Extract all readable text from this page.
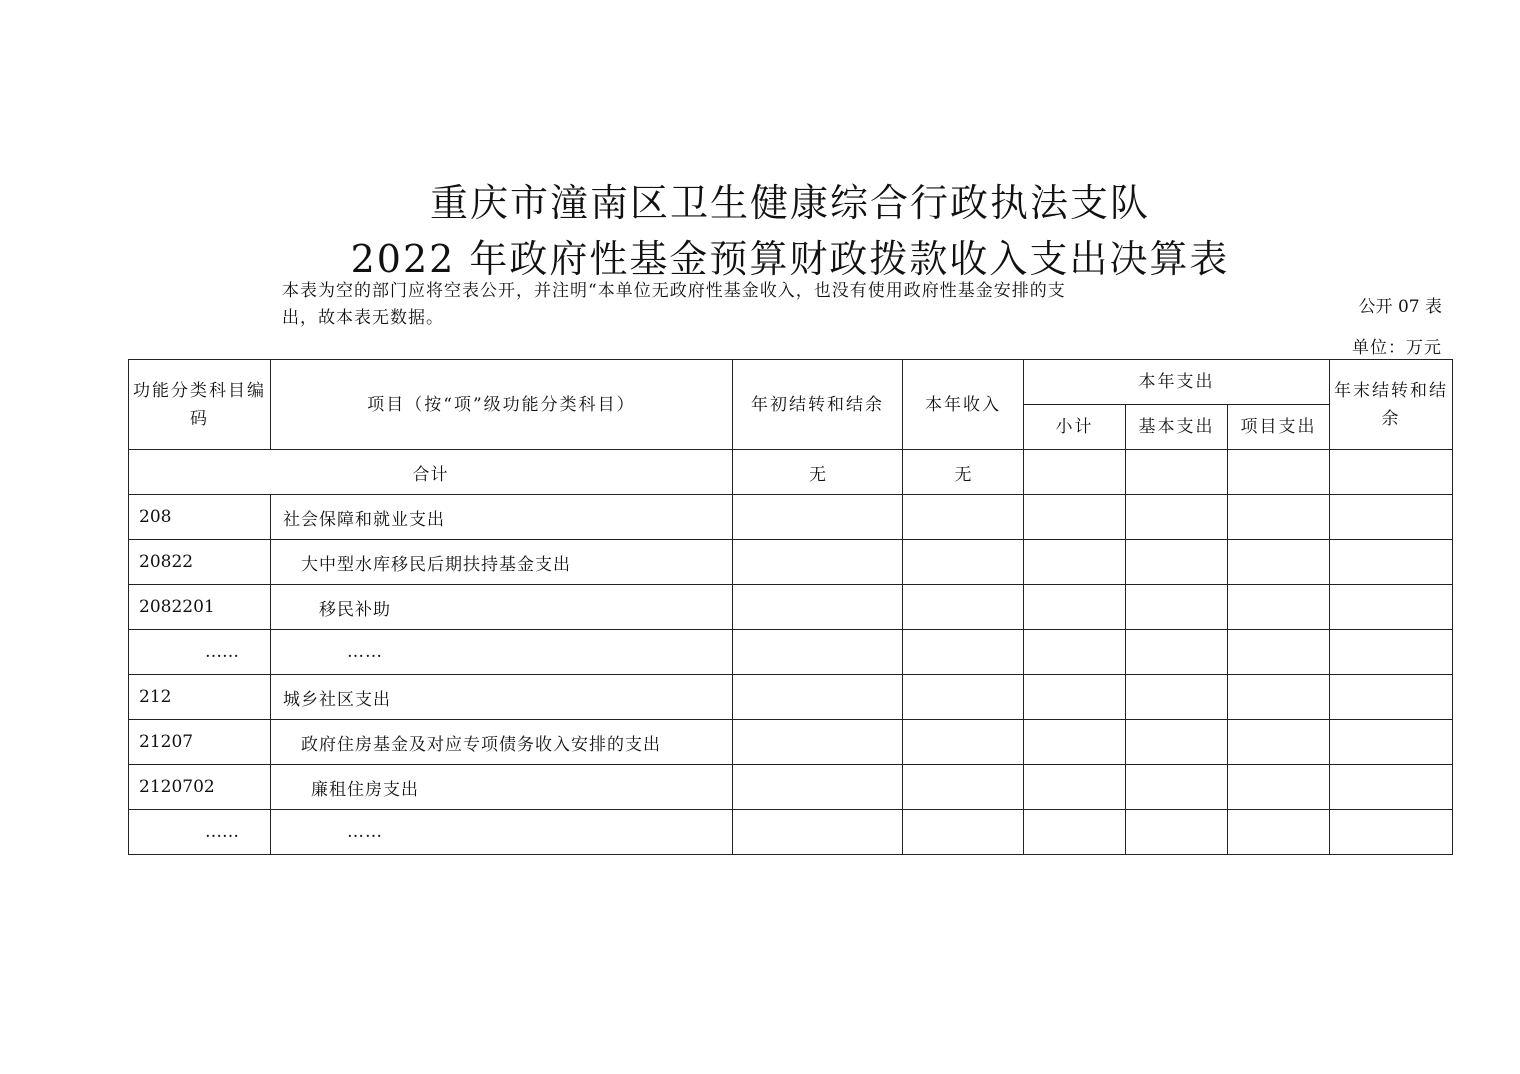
重庆市潼南区卫生健康综合行政执法支队
2022 年政府性基金预算财政拨款收入支出决算表
本表为空的部门应将空表公开，并注明“本单位无政府性基金收入，也没有使用政府性基金安排的支
出，故本表无数据。
公开 07 表
单位：万元
功能分类科目编码	项目（按“项”级功能分类科目）	年初结转和结余	本年收入	本年支出			年末结转和结余
				小计	基本支出	项目支出	
合计		无	无				
208	社会保障和就业支出						
20822	大中型水库移民后期扶持基金支出						
2082201	移民补助						
……	……						
212	城乡社区支出						
21207	政府住房基金及对应专项债务收入安排的支出						
2120702	廉租住房支出						
……	……						
